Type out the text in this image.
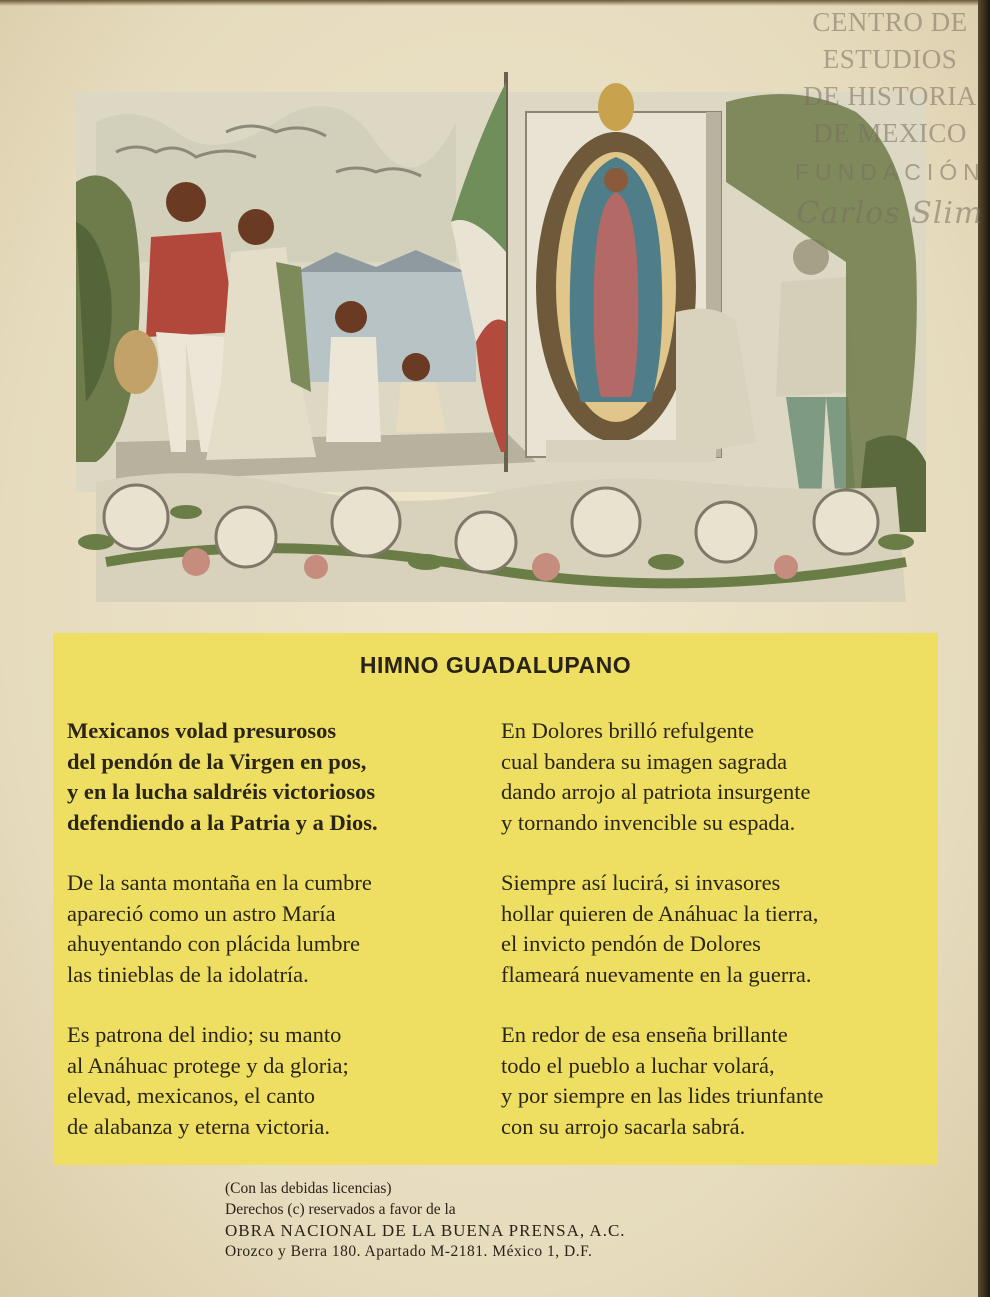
CENTRO DE
ESTUDIOS
DE HISTORIA
DE MEXICO
FUNDACIÓN
Carlos Slim
HIMNO GUADALUPANO
Mexicanos volad presurosos
del pendón de la Virgen en pos,
y en la lucha saldréis victoriosos
defendiendo a la Patria y a Dios.
De la santa montaña en la cumbre
apareció como un astro María
ahuyentando con plácida lumbre
las tinieblas de la idolatría.
Es patrona del indio; su manto
al Anáhuac protege y da gloria;
elevad, mexicanos, el canto
de alabanza y eterna victoria.
En Dolores brilló refulgente
cual bandera su imagen sagrada
dando arrojo al patriota insurgente
y tornando invencible su espada.
Siempre así lucirá, si invasores
hollar quieren de Anáhuac la tierra,
el invicto pendón de Dolores
flameará nuevamente en la guerra.
En redor de esa enseña brillante
todo el pueblo a luchar volará,
y por siempre en las lides triunfante
con su arrojo sacarla sabrá.
(Con las debidas licencias)
Derechos (c) reservados a favor de la
OBRA NACIONAL DE LA BUENA PRENSA, A.C.
Orozco y Berra 180. Apartado M-2181. México 1, D.F.
